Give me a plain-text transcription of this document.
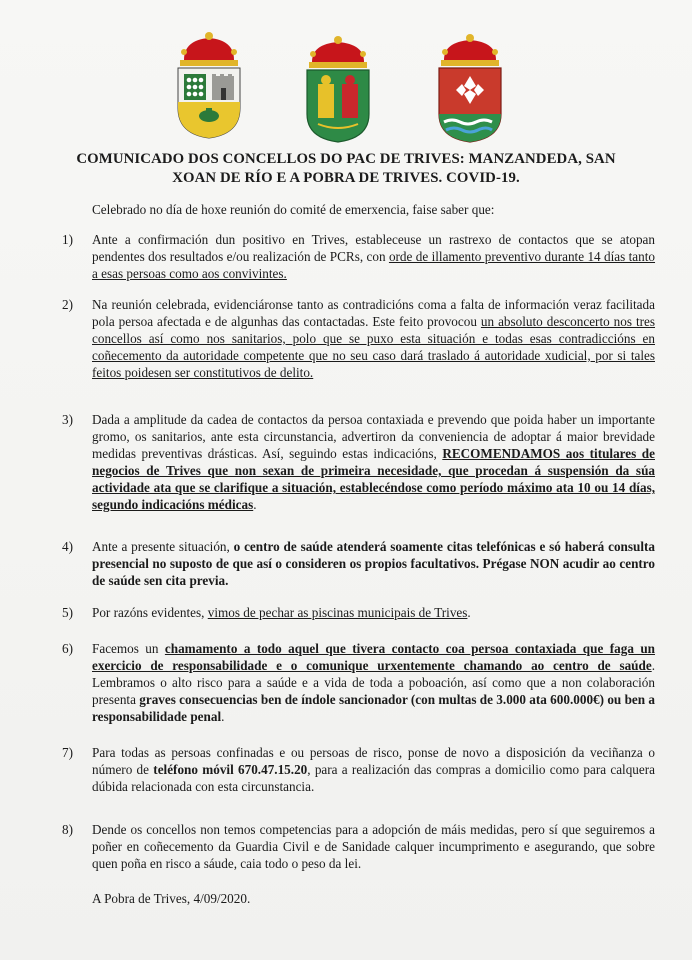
COMUNICADO DOS CONCELLOS DO PAC DE TRIVES: MANZANDEDA, SAN XOAN DE RÍO E A POBRA DE TRIVES. COVID-19.
Celebrado no día de hoxe reunión do comité de emerxencia, faise saber que:
1)	Ante a confirmación dun positivo en Trives, estableceuse un rastrexo de contactos que se atopan pendentes dos resultados e/ou realización de PCRs, con orde de illamento preventivo durante 14 días tanto a esas persoas como aos convivintes.
2)	Na reunión celebrada, evidenciáronse tanto as contradicións coma a falta de información veraz facilitada pola persoa afectada e de algunhas das contactadas. Este feito provocou un absoluto desconcerto nos tres concellos así como nos sanitarios, polo que se puxo esta situación e todas esas contradiccións en coñecemento da autoridade competente que no seu caso dará traslado á autoridade xudicial, por si tales feitos poidesen ser constitutivos de delito.
3)	Dada a amplitude da cadea de contactos da persoa contaxiada e prevendo que poida haber un importante gromo, os sanitarios, ante esta circunstancia, advertiron da conveniencia de adoptar á maior brevidade medidas preventivas drásticas. Así, seguindo estas indicacións, RECOMENDAMOS aos titulares de negocios de Trives que non sexan de primeira necesidade, que procedan á suspensión da súa actividade ata que se clarifique a situación, establecéndose como período máximo ata 10 ou 14 días, segundo indicacións médicas.
4)	Ante a presente situación, o centro de saúde atenderá soamente citas telefónicas e só haberá consulta presencial no suposto de que así o consideren os propios facultativos. Prégase NON acudir ao centro de saúde sen cita previa.
5)	Por razóns evidentes, vimos de pechar as piscinas municipais de Trives.
6)	Facemos un chamamento a todo aquel que tivera contacto coa persoa contaxiada que faga un exercicio de responsabilidade e o comunique urxentemente chamando ao centro de saúde. Lembramos o alto risco para a saúde e a vida de toda a poboación, así como que a non colaboración presenta graves consecuencias ben de índole sancionador (con multas de 3.000 ata 600.000€) ou ben a responsabilidade penal.
7)	Para todas as persoas confinadas e ou persoas de risco, ponse de novo a disposición da veciñanza o número de teléfono móvil 670.47.15.20, para a realización das compras a domicilio como para calquera dúbida relacionada con esta circunstancia.
8)	Dende os concellos non temos competencias para a adopción de máis medidas, pero sí que seguiremos a poñer en coñecemento da Guardia Civil e de Sanidade calquer incumprimento e asegurando, que sobre quen poña en risco a sáude, caia todo o peso da lei.
A Pobra de Trives, 4/09/2020.
